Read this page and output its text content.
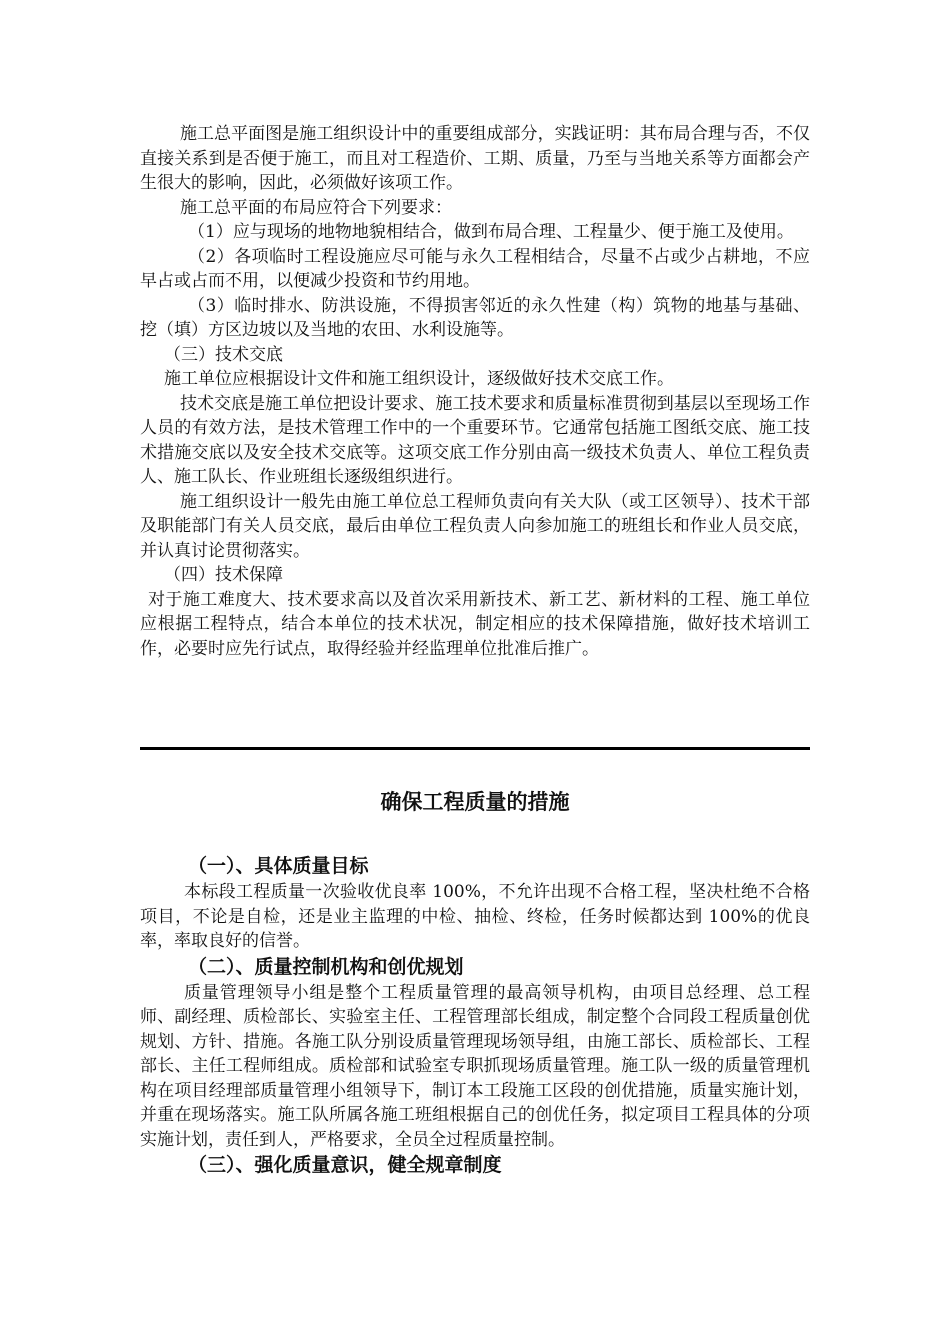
施工总平面图是施工组织设计中的重要组成部分，实践证明：其布局合理与否，不仅直接关系到是否便于施工，而且对工程造价、工期、质量，乃至与当地关系等方面都会产生很大的影响，因此，必须做好该项工作。

施工总平面的布局应符合下列要求：

（1）应与现场的地物地貌相结合，做到布局合理、工程量少、便于施工及使用。

（2）各项临时工程设施应尽可能与永久工程相结合，尽量不占或少占耕地，不应早占或占而不用，以便减少投资和节约用地。

（3）临时排水、防洪设施，不得损害邻近的永久性建（构）筑物的地基与基础、挖（填）方区边坡以及当地的农田、水利设施等。

（三）技术交底

施工单位应根据设计文件和施工组织设计，逐级做好技术交底工作。

技术交底是施工单位把设计要求、施工技术要求和质量标准贯彻到基层以至现场工作人员的有效方法，是技术管理工作中的一个重要环节。它通常包括施工图纸交底、施工技术措施交底以及安全技术交底等。这项交底工作分别由高一级技术负责人、单位工程负责人、施工队长、作业班组长逐级组织进行。

施工组织设计一般先由施工单位总工程师负责向有关大队（或工区领导）、技术干部及职能部门有关人员交底，最后由单位工程负责人向参加施工的班组长和作业人员交底，并认真讨论贯彻落实。

（四）技术保障

对于施工难度大、技术要求高以及首次采用新技术、新工艺、新材料的工程、施工单位应根据工程特点，结合本单位的技术状况，制定相应的技术保障措施，做好技术培训工作，必要时应先行试点，取得经验并经监理单位批准后推广。

确保工程质量的措施

（一）、具体质量目标

本标段工程质量一次验收优良率 100%，不允许出现不合格工程，坚决杜绝不合格项目，不论是自检，还是业主监理的中检、抽检、终检，任务时候都达到 100%的优良率，率取良好的信誉。

（二）、质量控制机构和创优规划

质量管理领导小组是整个工程质量管理的最高领导机构，由项目总经理、总工程师、副经理、质检部长、实验室主任、工程管理部长组成，制定整个合同段工程质量创优规划、方针、措施。各施工队分别设质量管理现场领导组，由施工部长、质检部长、工程部长、主任工程师组成。质检部和试验室专职抓现场质量管理。施工队一级的质量管理机构在项目经理部质量管理小组领导下，制订本工段施工区段的创优措施，质量实施计划，并重在现场落实。施工队所属各施工班组根据自己的创优任务，拟定项目工程具体的分项实施计划，责任到人，严格要求，全员全过程质量控制。

（三）、强化质量意识，健全规章制度
